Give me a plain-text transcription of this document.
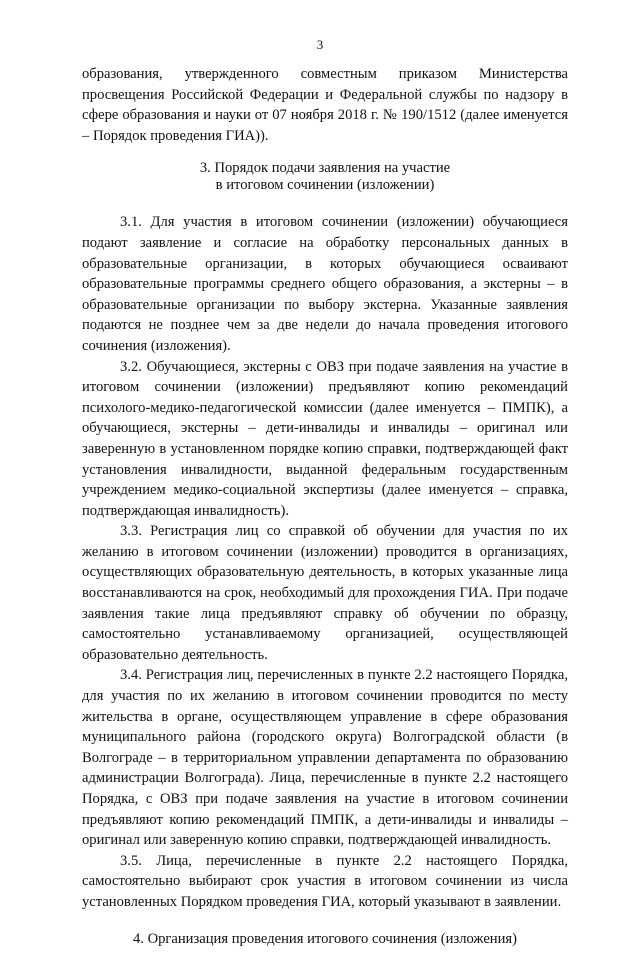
3

образования, утвержденного совместным приказом Министерства просвещения Российской Федерации и Федеральной службы по надзору в сфере образования и науки от 07 ноября 2018 г. № 190/1512 (далее именуется – Порядок проведения ГИА)).

3. Порядок подачи заявления на участие
в итоговом сочинении (изложении)

3.1. Для участия в итоговом сочинении (изложении) обучающиеся подают заявление и согласие на обработку персональных данных в образовательные организации, в которых обучающиеся осваивают образовательные программы среднего общего образования, а экстерны – в образовательные организации по выбору экстерна. Указанные заявления подаются не позднее чем за две недели до начала проведения итогового сочинения (изложения).

3.2. Обучающиеся, экстерны с ОВЗ при подаче заявления на участие в итоговом сочинении (изложении) предъявляют копию рекомендаций психолого-медико-педагогической комиссии (далее именуется – ПМПК), а обучающиеся, экстерны – дети-инвалиды и инвалиды – оригинал или заверенную в установленном порядке копию справки, подтверждающей факт установления инвалидности, выданной федеральным государственным учреждением медико-социальной экспертизы (далее именуется – справка, подтверждающая инвалидность).

3.3. Регистрация лиц со справкой об обучении для участия по их желанию в итоговом сочинении (изложении) проводится в организациях, осуществляющих образовательную деятельность, в которых указанные лица восстанавливаются на срок, необходимый для прохождения ГИА. При подаче заявления такие лица предъявляют справку об обучении по образцу, самостоятельно устанавливаемому организацией, осуществляющей образовательно деятельность.

3.4. Регистрация лиц, перечисленных в пункте 2.2 настоящего Порядка, для участия по их желанию в итоговом сочинении проводится по месту жительства в органе, осуществляющем управление в сфере образования муниципального района (городского округа) Волгоградской области (в Волгограде – в территориальном управлении департамента по образованию администрации Волгограда). Лица, перечисленные в пункте 2.2 настоящего Порядка, с ОВЗ при подаче заявления на участие в итоговом сочинении предъявляют копию рекомендаций ПМПК, а дети-инвалиды и инвалиды – оригинал или заверенную копию справки, подтверждающей инвалидность.

3.5. Лица, перечисленные в пункте 2.2 настоящего Порядка, самостоятельно выбирают срок участия в итоговом сочинении из числа установленных Порядком проведения ГИА, который указывают в заявлении.

4. Организация проведения итогового сочинения (изложения)
